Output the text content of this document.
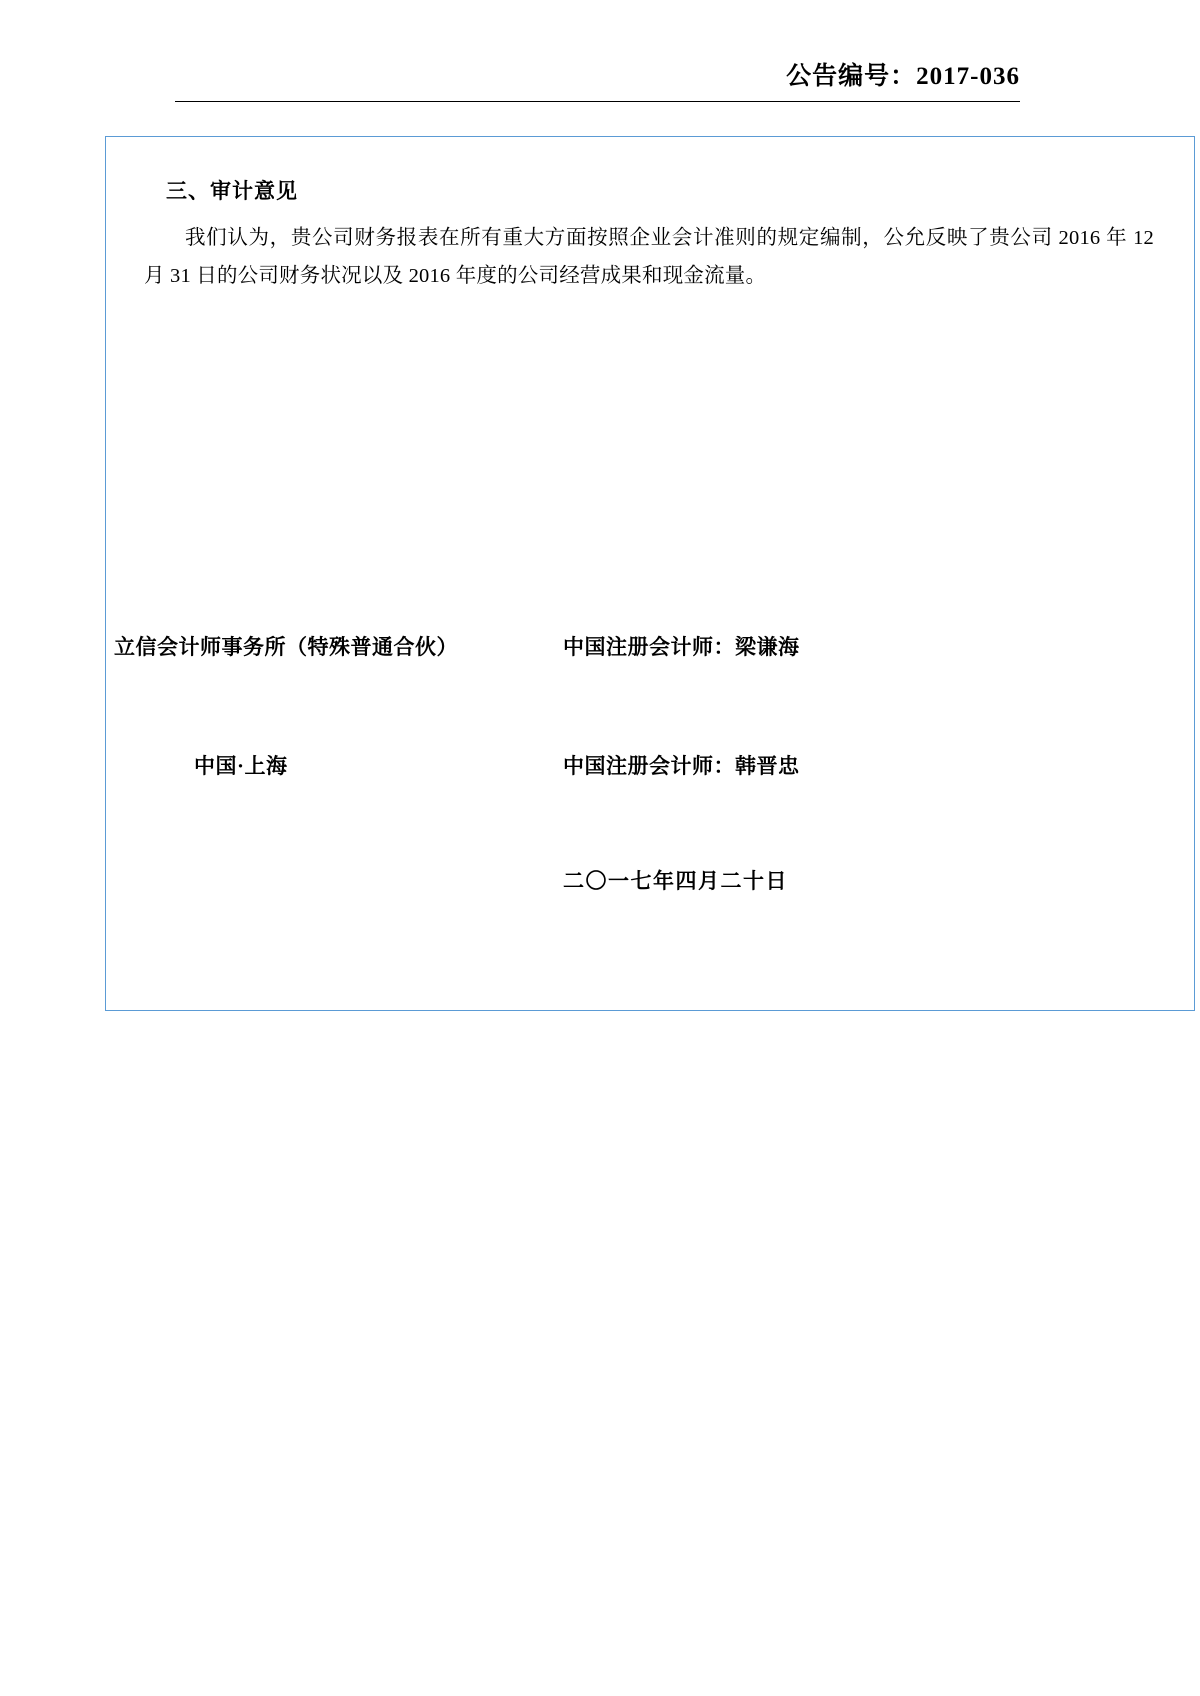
公告编号：2017-036
三、审计意见
我们认为，贵公司财务报表在所有重大方面按照企业会计准则的规定编制，公允反映了贵公司 2016 年 12 月 31 日的公司财务状况以及 2016 年度的公司经营成果和现金流量。
立信会计师事务所（特殊普通合伙）	中国注册会计师：梁谦海
中国·上海	中国注册会计师：韩晋忠
二〇一七年四月二十日
